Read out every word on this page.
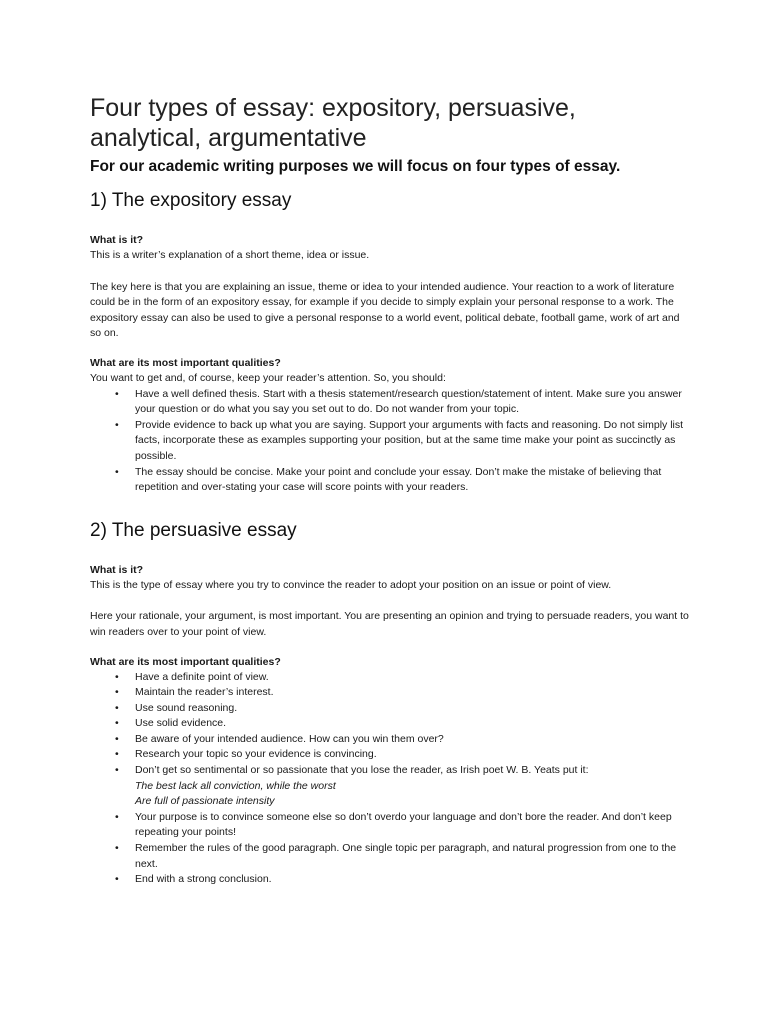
Four types of essay: expository, persuasive, analytical, argumentative

For our academic writing purposes we will focus on four types of essay.

1) The expository essay

What is it?

This is a writer’s explanation of a short theme, idea or issue.

The key here is that you are explaining an issue, theme or idea to your intended audience. Your reaction to a work of literature could be in the form of an expository essay, for example if you decide to simply explain your personal response to a work. The expository essay can also be used to give a personal response to a world event, political debate, football game, work of art and so on.

What are its most important qualities?

You want to get and, of course, keep your reader’s attention. So, you should:

• Have a well defined thesis. Start with a thesis statement/research question/statement of intent. Make sure you answer your question or do what you say you set out to do. Do not wander from your topic.
• Provide evidence to back up what you are saying. Support your arguments with facts and reasoning. Do not simply list facts, incorporate these as examples supporting your position, but at the same time make your point as succinctly as possible.
• The essay should be concise. Make your point and conclude your essay. Don’t make the mistake of believing that repetition and over-stating your case will score points with your readers.
2) The persuasive essay

What is it?

This is the type of essay where you try to convince the reader to adopt your position on an issue or point of view.

Here your rationale, your argument, is most important. You are presenting an opinion and trying to persuade readers, you want to win readers over to your point of view.

What are its most important qualities?

• Have a definite point of view.
• Maintain the reader’s interest.
• Use sound reasoning.
• Use solid evidence.
• Be aware of your intended audience. How can you win them over?
• Research your topic so your evidence is convincing.
• Don’t get so sentimental or so passionate that you lose the reader, as Irish poet W. B. Yeats put it:
The best lack all conviction, while the worst
Are full of passionate intensity
• Your purpose is to convince someone else so don’t overdo your language and don’t bore the reader. And don’t keep repeating your points!
• Remember the rules of the good paragraph. One single topic per paragraph, and natural progression from one to the next.
• End with a strong conclusion.
